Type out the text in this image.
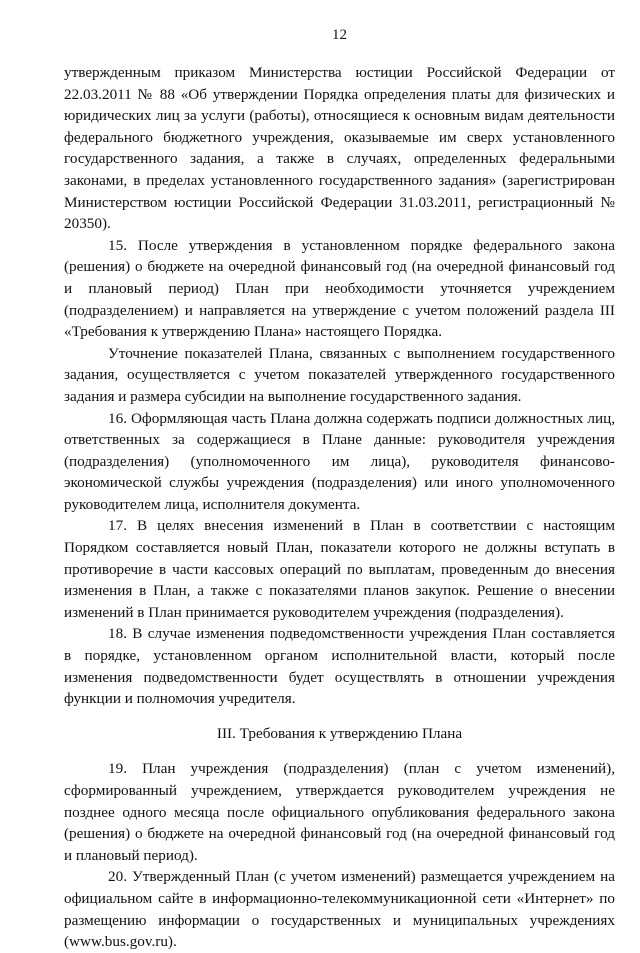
12

утвержденным приказом Министерства юстиции Российской Федерации от 22.03.2011 № 88 «Об утверждении Порядка определения платы для физических и юридических лиц за услуги (работы), относящиеся к основным видам деятельности федерального бюджетного учреждения, оказываемые им сверх установленного государственного задания, а также в случаях, определенных федеральными законами, в пределах установленного государственного задания» (зарегистрирован Министерством юстиции Российской Федерации 31.03.2011, регистрационный № 20350).

15. После утверждения в установленном порядке федерального закона (решения) о бюджете на очередной финансовый год (на очередной финансовый год и плановый период) План при необходимости уточняется учреждением (подразделением) и направляется на утверждение с учетом положений раздела III «Требования к утверждению Плана» настоящего Порядка.

Уточнение показателей Плана, связанных с выполнением государственного задания, осуществляется с учетом показателей утвержденного государственного задания и размера субсидии на выполнение государственного задания.

16. Оформляющая часть Плана должна содержать подписи должностных лиц, ответственных за содержащиеся в Плане данные: руководителя учреждения (подразделения) (уполномоченного им лица), руководителя финансово-экономической службы учреждения (подразделения) или иного уполномоченного руководителем лица, исполнителя документа.

17. В целях внесения изменений в План в соответствии с настоящим Порядком составляется новый План, показатели которого не должны вступать в противоречие в части кассовых операций по выплатам, проведенным до внесения изменения в План, а также с показателями планов закупок. Решение о внесении изменений в План принимается руководителем учреждения (подразделения).

18. В случае изменения подведомственности учреждения План составляется в порядке, установленном органом исполнительной власти, который после изменения подведомственности будет осуществлять в отношении учреждения функции и полномочия учредителя.

III. Требования к утверждению Плана

19. План учреждения (подразделения) (план с учетом изменений), сформированный учреждением, утверждается руководителем учреждения не позднее одного месяца после официального опубликования федерального закона (решения) о бюджете на очередной финансовый год (на очередной финансовый год и плановый период).

20. Утвержденный План (с учетом изменений) размещается учреждением на официальном сайте в информационно-телекоммуникационной сети «Интернет» по размещению информации о государственных и муниципальных учреждениях (www.bus.gov.ru).
